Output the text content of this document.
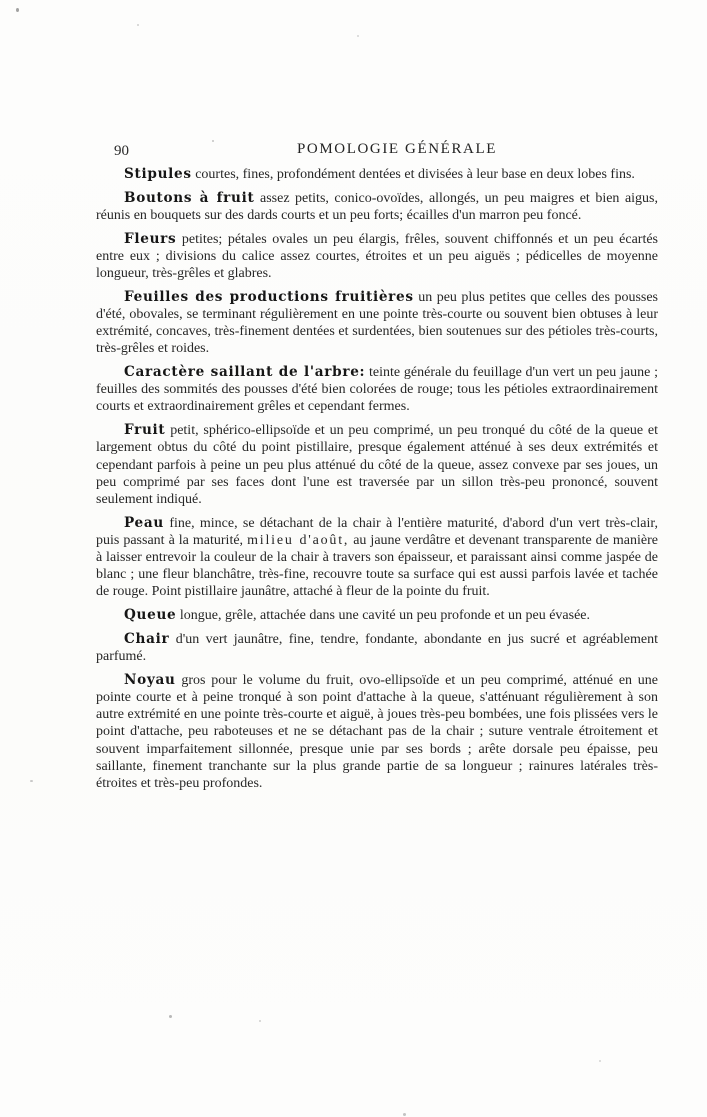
90	POMOLOGIE GÉNÉRALE

Stipules courtes, fines, profondément dentées et divisées à leur base en deux lobes fins.

Boutons à fruit assez petits, conico-ovoïdes, allongés, un peu maigres et bien aigus, réunis en bouquets sur des dards courts et un peu forts; écailles d'un marron peu foncé.

Fleurs petites; pétales ovales un peu élargis, frêles, souvent chiffonnés et un peu écartés entre eux ; divisions du calice assez courtes, étroites et un peu aiguës ; pédicelles de moyenne longueur, très-grêles et glabres.

Feuilles des productions fruitières un peu plus petites que celles des pousses d'été, obovales, se terminant régulièrement en une pointe très-courte ou souvent bien obtuses à leur extrémité, concaves, très-finement dentées et surdentées, bien soutenues sur des pétioles très-courts, très-grêles et roides.

Caractère saillant de l'arbre: teinte générale du feuillage d'un vert un peu jaune ; feuilles des sommités des pousses d'été bien colorées de rouge; tous les pétioles extraordinairement courts et extraordinairement grêles et cependant fermes.

Fruit petit, sphérico-ellipsoïde et un peu comprimé, un peu tronqué du côté de la queue et largement obtus du côté du point pistillaire, presque également atténué à ses deux extrémités et cependant parfois à peine un peu plus atténué du côté de la queue, assez convexe par ses joues, un peu comprimé par ses faces dont l'une est traversée par un sillon très-peu prononcé, souvent seulement indiqué.

Peau fine, mince, se détachant de la chair à l'entière maturité, d'abord d'un vert très-clair, puis passant à la maturité, milieu d'août, au jaune verdâtre et devenant transparente de manière à laisser entrevoir la couleur de la chair à travers son épaisseur, et paraissant ainsi comme jaspée de blanc ; une fleur blanchâtre, très-fine, recouvre toute sa surface qui est aussi parfois lavée et tachée de rouge. Point pistillaire jaunâtre, attaché à fleur de la pointe du fruit.

Queue longue, grêle, attachée dans une cavité un peu profonde et un peu évasée.

Chair d'un vert jaunâtre, fine, tendre, fondante, abondante en jus sucré et agréablement parfumé.

Noyau gros pour le volume du fruit, ovo-ellipsoïde et un peu comprimé, atténué en une pointe courte et à peine tronqué à son point d'attache à la queue, s'atténuant régulièrement à son autre extrémité en une pointe très-courte et aiguë, à joues très-peu bombées, une fois plissées vers le point d'attache, peu raboteuses et ne se détachant pas de la chair ; suture ventrale étroitement et souvent imparfaitement sillonnée, presque unie par ses bords ; arête dorsale peu épaisse, peu saillante, finement tranchante sur la plus grande partie de sa longueur ; rainures latérales très-étroites et très-peu profondes.
